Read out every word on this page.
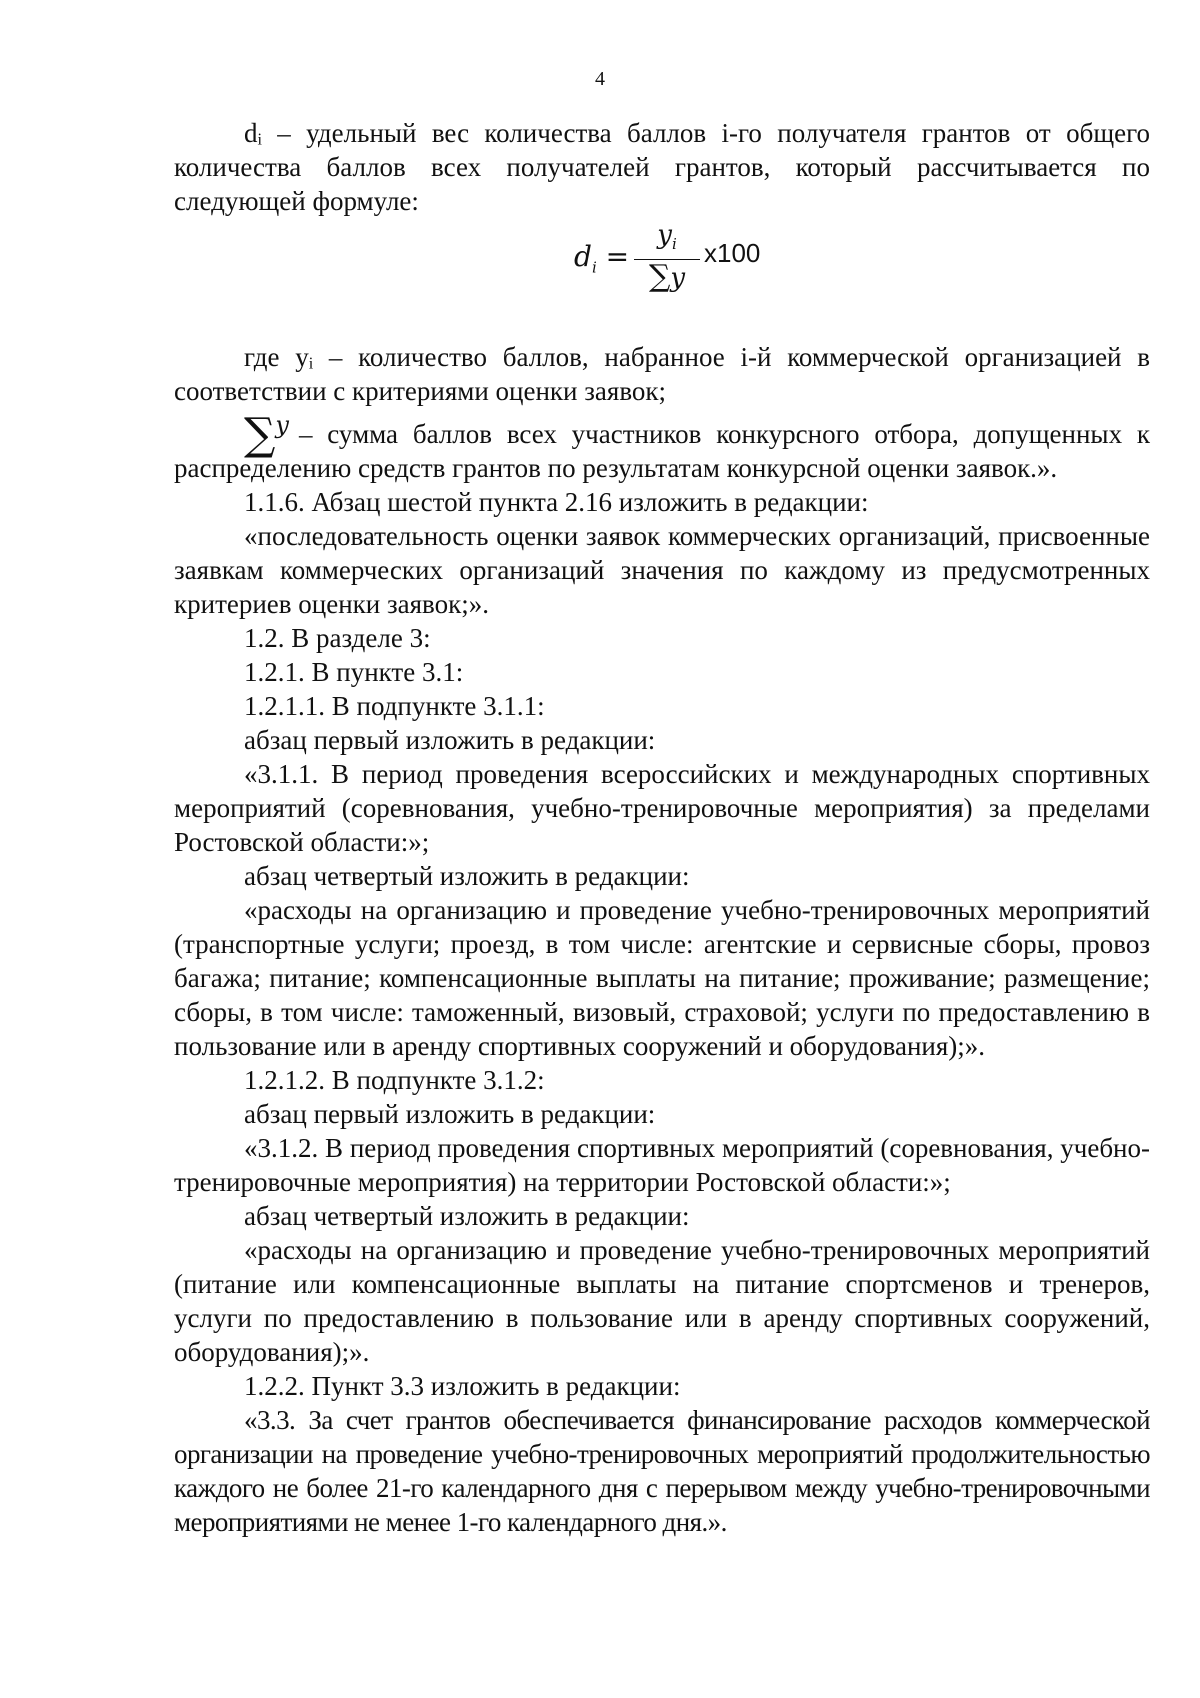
4

dᵢ – удельный вес количества баллов i-го получателя грантов от общего количества баллов всех получателей грантов, который рассчитывается по следующей формуле:

$d_i$ =
$y_i$
∑y
x100

где yᵢ – количество баллов, набранное i-й коммерческой организацией в соответствии с критериями оценки заявок;

∑y – сумма баллов всех участников конкурсного отбора, допущенных к распределению средств грантов по результатам конкурсной оценки заявок.».

1.1.6. Абзац шестой пункта 2.16 изложить в редакции:

«последовательность оценки заявок коммерческих организаций, присвоенные заявкам коммерческих организаций значения по каждому из предусмотренных критериев оценки заявок;».

1.2. В разделе 3:

1.2.1. В пункте 3.1:

1.2.1.1. В подпункте 3.1.1:

абзац первый изложить в редакции:

«3.1.1. В период проведения всероссийских и международных спортивных мероприятий (соревнования, учебно-тренировочные мероприятия) за пределами Ростовской области:»;

абзац четвертый изложить в редакции:

«расходы на организацию и проведение учебно-тренировочных мероприятий (транспортные услуги; проезд, в том числе: агентские и сервисные сборы, провоз багажа; питание; компенсационные выплаты на питание; проживание; размещение; сборы, в том числе: таможенный, визовый, страховой; услуги по предоставлению в пользование или в аренду спортивных сооружений и оборудования);».

1.2.1.2. В подпункте 3.1.2:

абзац первый изложить в редакции:

«3.1.2. В период проведения спортивных мероприятий (соревнования, учебно-тренировочные мероприятия) на территории Ростовской области:»;

абзац четвертый изложить в редакции:

«расходы на организацию и проведение учебно-тренировочных мероприятий (питание или компенсационные выплаты на питание спортсменов и тренеров, услуги по предоставлению в пользование или в аренду спортивных сооружений, оборудования);».

1.2.2. Пункт 3.3 изложить в редакции:

«3.3. За счет грантов обеспечивается финансирование расходов коммерческой организации на проведение учебно-тренировочных мероприятий продолжительностью каждого не более 21-го календарного дня с перерывом между учебно-тренировочными мероприятиями не менее 1-го календарного дня.».
